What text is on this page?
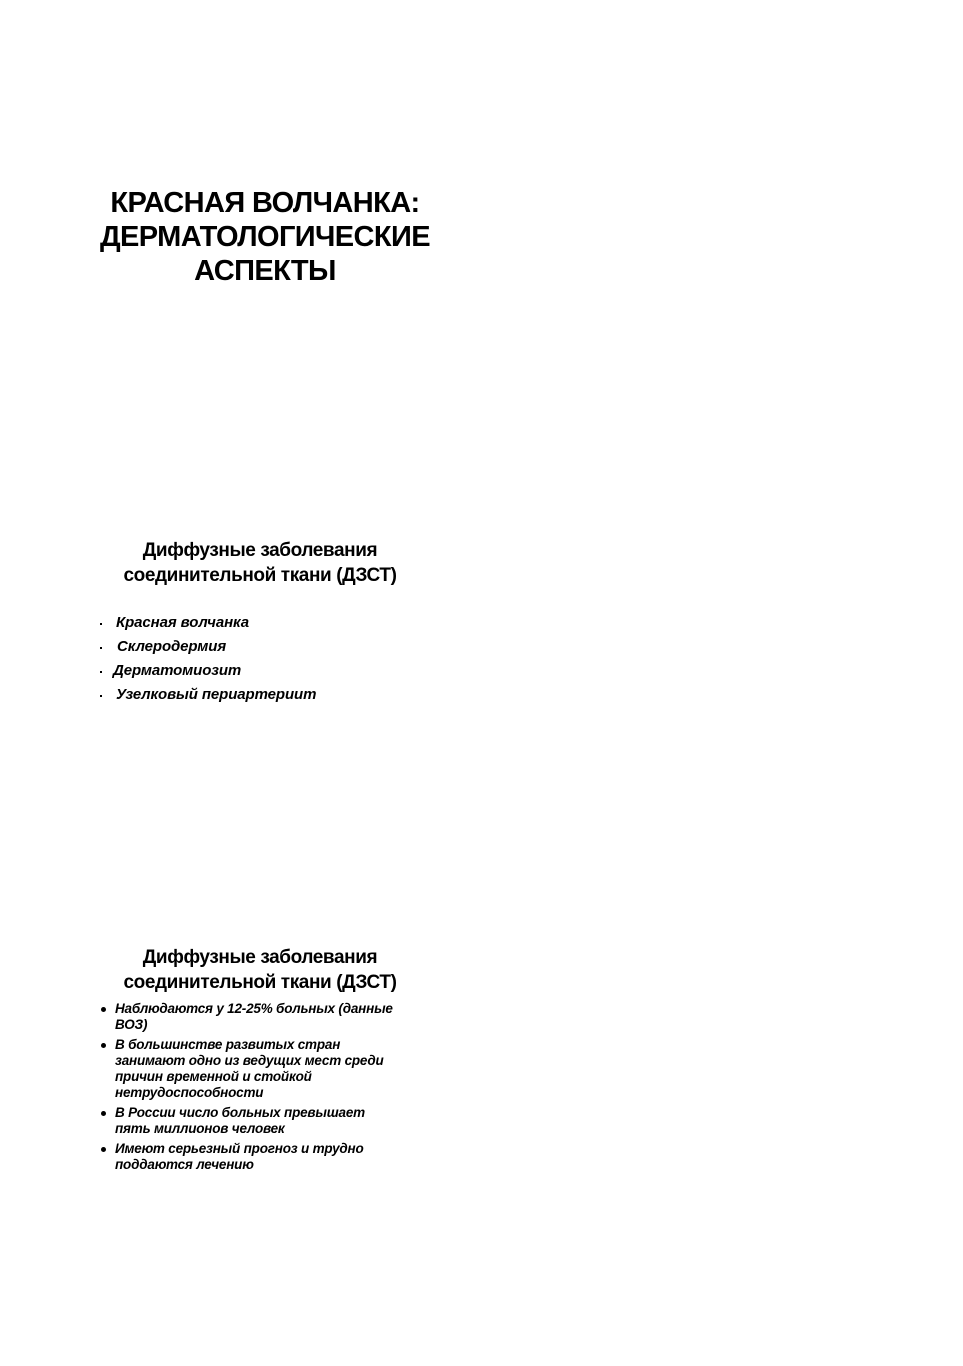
КРАСНАЯ ВОЛЧАНКА:
ДЕРМАТОЛОГИЧЕСКИЕ
АСПЕКТЫ
Диффузные заболевания
соединительной ткани (ДЗСТ)
Красная волчанка
Склеродермия
Дерматомиозит
Узелковый периартериит
Диффузные заболевания
соединительной ткани (ДЗСТ)
Наблюдаются у 12-25% больных (данные
ВОЗ)
В большинстве развитых стран
занимают одно из ведущих мест среди
причин временной и стойкой
нетрудоспособности
В России число больных превышает
пять миллионов человек
Имеют серьезный прогноз и трудно
поддаются лечению
